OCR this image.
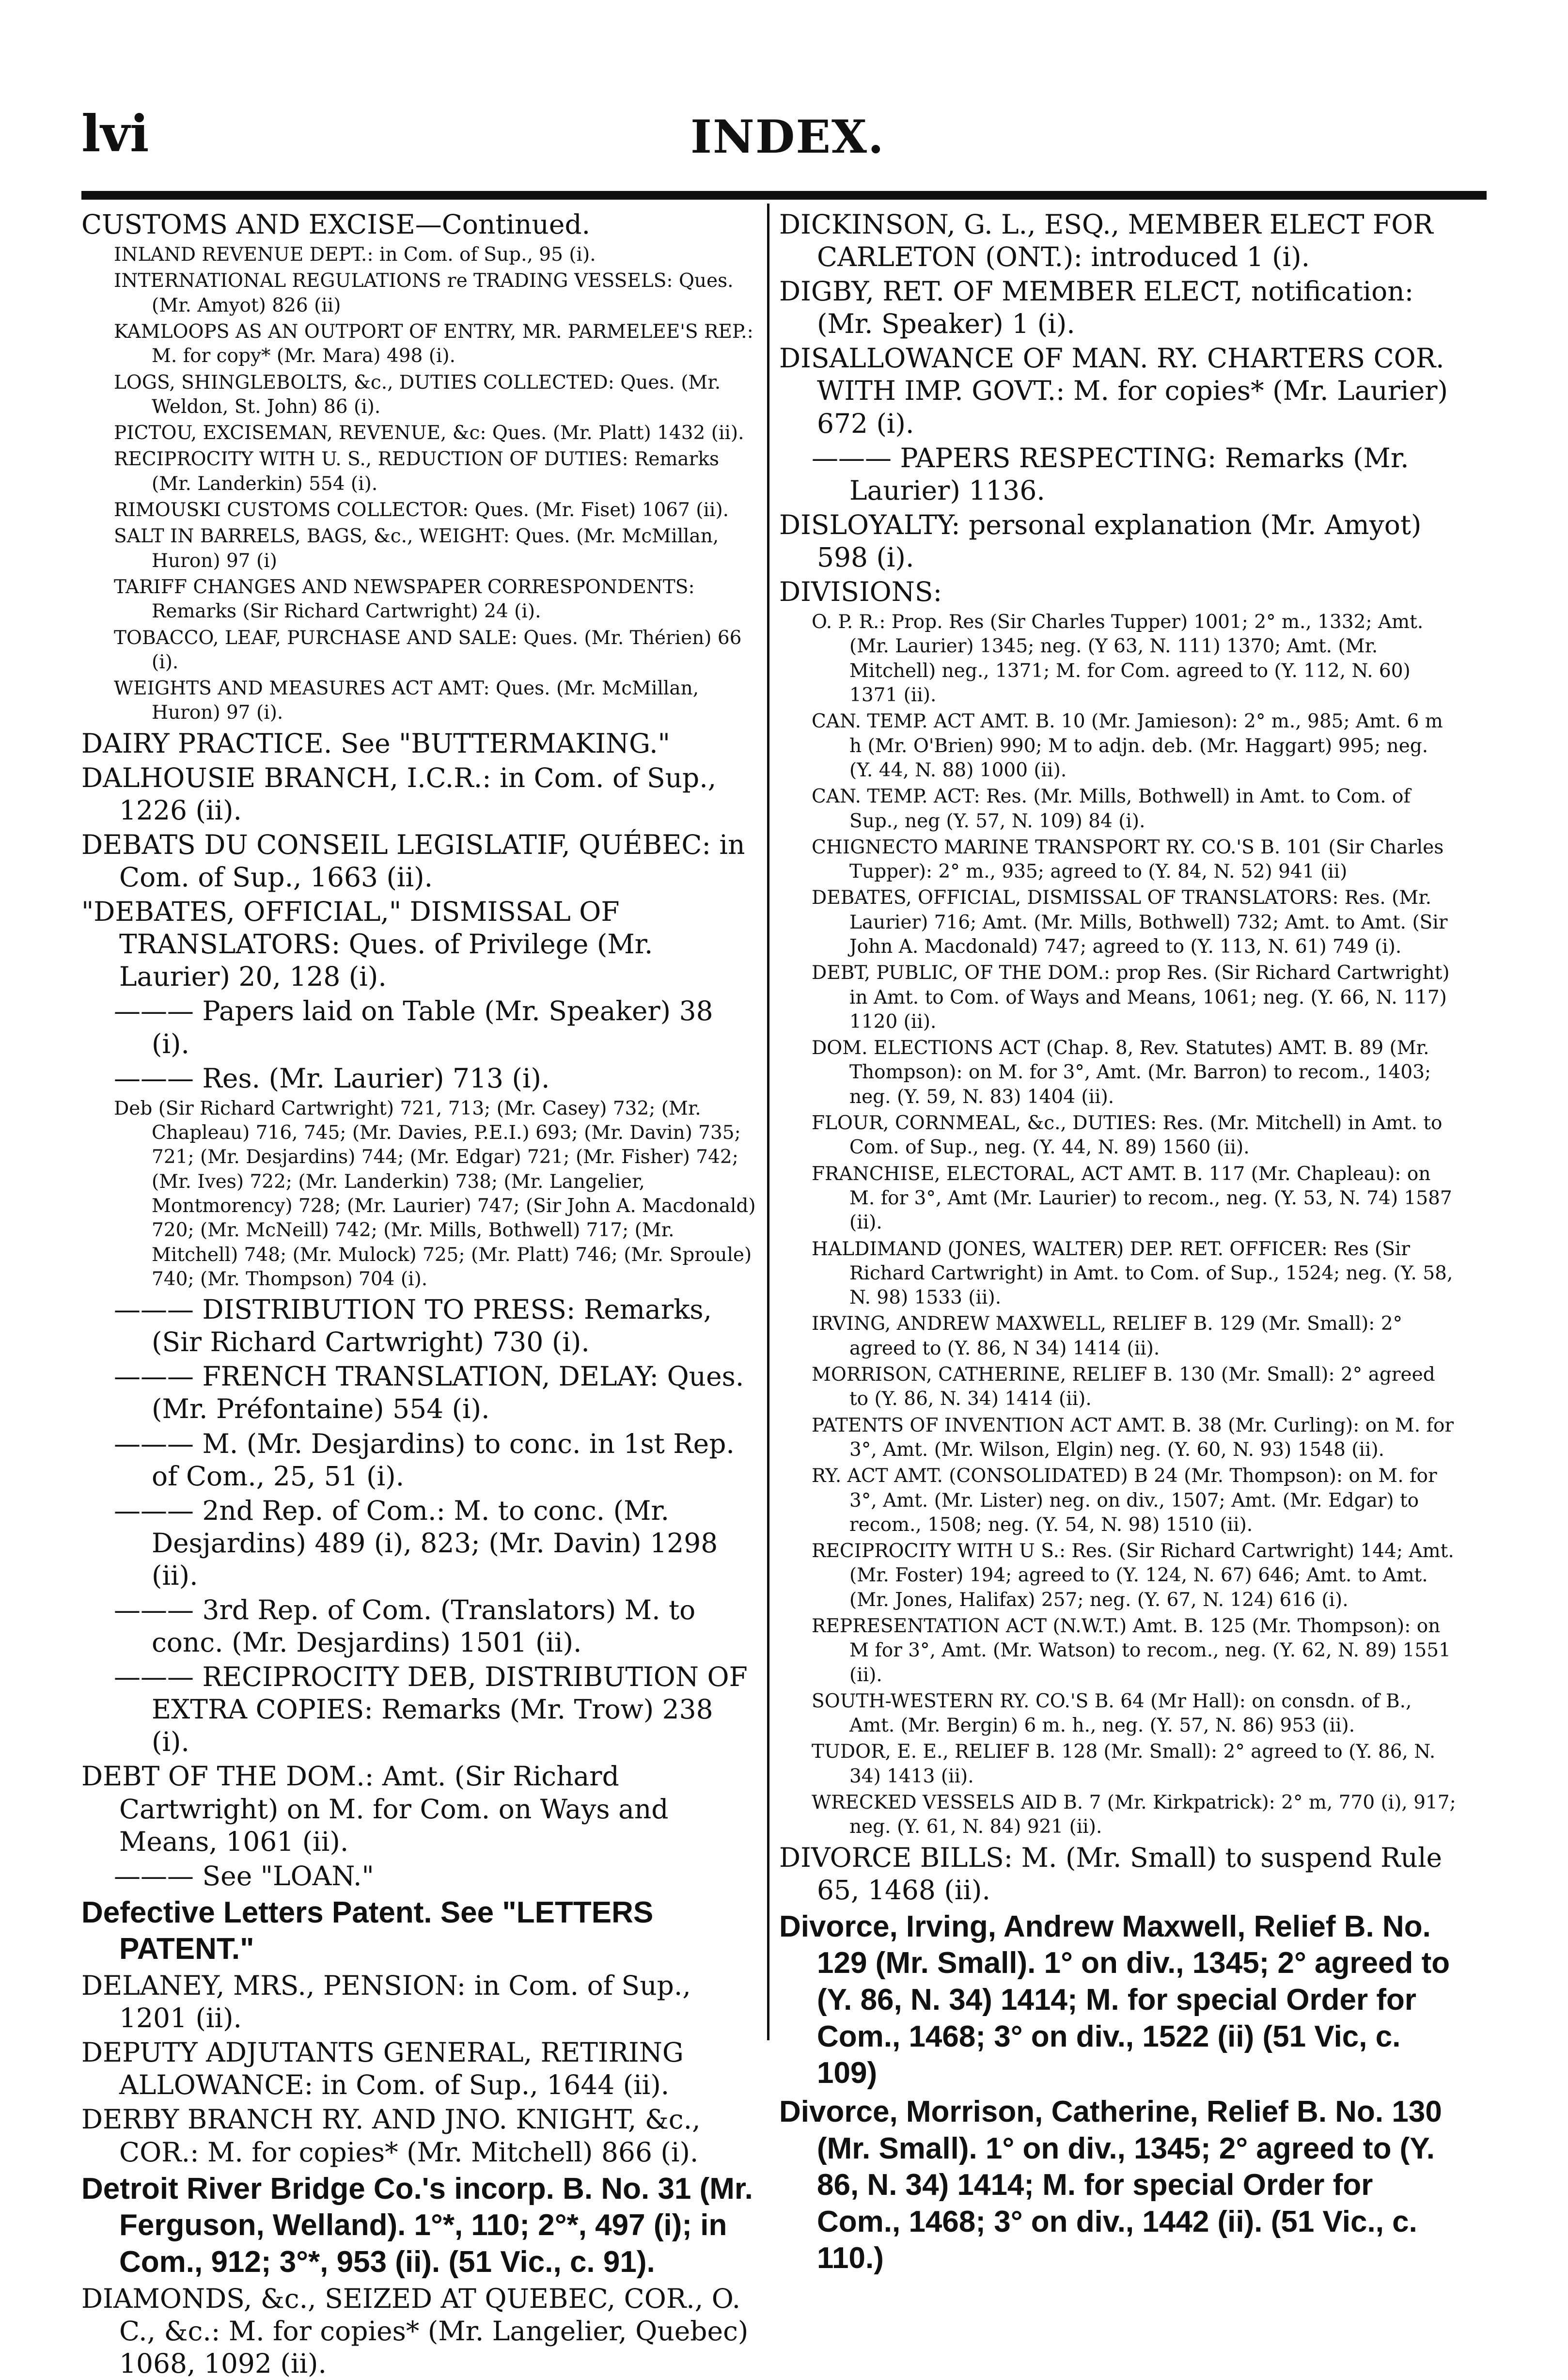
lvi	INDEX.

CUSTOMS AND EXCISE—Continued.

INLAND REVENUE DEPT.: in Com. of Sup., 95 (i).

INTERNATIONAL REGULATIONS re TRADING VESSELS: Ques. (Mr. Amyot) 826 (ii)

KAMLOOPS AS AN OUTPORT OF ENTRY, MR. PARMELEE'S REP.: M. for copy* (Mr. Mara) 498 (i).

LOGS, SHINGLEBOLTS, &c., DUTIES COLLECTED: Ques. (Mr. Weldon, St. John) 86 (i).

PICTOU, EXCISEMAN, REVENUE, &c: Ques. (Mr. Platt) 1432 (ii).

RECIPROCITY WITH U. S., REDUCTION OF DUTIES: Remarks (Mr. Landerkin) 554 (i).

RIMOUSKI CUSTOMS COLLECTOR: Ques. (Mr. Fiset) 1067 (ii).

SALT IN BARRELS, BAGS, &c., WEIGHT: Ques. (Mr. McMillan, Huron) 97 (i)

TARIFF CHANGES AND NEWSPAPER CORRESPONDENTS: Remarks (Sir Richard Cartwright) 24 (i).

TOBACCO, LEAF, PURCHASE AND SALE: Ques. (Mr. Thérien) 66 (i).

WEIGHTS AND MEASURES ACT AMT: Ques. (Mr. McMillan, Huron) 97 (i).

DAIRY PRACTICE. See "BUTTERMAKING."

DALHOUSIE BRANCH, I.C.R.: in Com. of Sup., 1226 (ii).

DEBATS DU CONSEIL LEGISLATIF, QUÉBEC: in Com. of Sup., 1663 (ii).

"DEBATES, OFFICIAL," DISMISSAL OF TRANSLATORS: Ques. of Privilege (Mr. Laurier) 20, 128 (i).

——— Papers laid on Table (Mr. Speaker) 38 (i).

——— Res. (Mr. Laurier) 713 (i).

Deb (Sir Richard Cartwright) 721, 713; (Mr. Casey) 732; (Mr. Chapleau) 716, 745; (Mr. Davies, P.E.I.) 693; (Mr. Davin) 735; 721; (Mr. Desjardins) 744; (Mr. Edgar) 721; (Mr. Fisher) 742; (Mr. Ives) 722; (Mr. Landerkin) 738; (Mr. Langelier, Montmorency) 728; (Mr. Laurier) 747; (Sir John A. Macdonald) 720; (Mr. McNeill) 742; (Mr. Mills, Bothwell) 717; (Mr. Mitchell) 748; (Mr. Mulock) 725; (Mr. Platt) 746; (Mr. Sproule) 740; (Mr. Thompson) 704 (i).

——— DISTRIBUTION TO PRESS: Remarks, (Sir Richard Cartwright) 730 (i).

——— FRENCH TRANSLATION, DELAY: Ques. (Mr. Préfontaine) 554 (i).

——— M. (Mr. Desjardins) to conc. in 1st Rep. of Com., 25, 51 (i).

——— 2nd Rep. of Com.: M. to conc. (Mr. Desjardins) 489 (i), 823; (Mr. Davin) 1298 (ii).

——— 3rd Rep. of Com. (Translators) M. to conc. (Mr. Desjardins) 1501 (ii).

——— RECIPROCITY DEB, DISTRIBUTION OF EXTRA COPIES: Remarks (Mr. Trow) 238 (i).

DEBT OF THE DOM.: Amt. (Sir Richard Cartwright) on M. for Com. on Ways and Means, 1061 (ii).

——— See "LOAN."

Defective Letters Patent. See "LETTERS PATENT."

DELANEY, MRS., PENSION: in Com. of Sup., 1201 (ii).

DEPUTY ADJUTANTS GENERAL, RETIRING ALLOWANCE: in Com. of Sup., 1644 (ii).

DERBY BRANCH RY. AND JNO. KNIGHT, &c., COR.: M. for copies* (Mr. Mitchell) 866 (i).

Detroit River Bridge Co.'s incorp. B. No. 31 (Mr. Ferguson, Welland). 1°*, 110; 2°*, 497 (i); in Com., 912; 3°*, 953 (ii). (51 Vic., c. 91).

DIAMONDS, &c., SEIZED AT QUEBEC, COR., O. C., &c.: M. for copies* (Mr. Langelier, Quebec) 1068, 1092 (ii).

DICKINSON, G. L., ESQ., MEMBER ELECT FOR CARLETON (ONT.): introduced 1 (i).

DIGBY, RET. OF MEMBER ELECT, notification: (Mr. Speaker) 1 (i).

DISALLOWANCE OF MAN. RY. CHARTERS COR. WITH IMP. GOVT.: M. for copies* (Mr. Laurier) 672 (i).

——— PAPERS RESPECTING: Remarks (Mr. Laurier) 1136.

DISLOYALTY: personal explanation (Mr. Amyot) 598 (i).

DIVISIONS:

O. P. R.: Prop. Res (Sir Charles Tupper) 1001; 2° m., 1332; Amt. (Mr. Laurier) 1345; neg. (Y 63, N. 111) 1370; Amt. (Mr. Mitchell) neg., 1371; M. for Com. agreed to (Y. 112, N. 60) 1371 (ii).

CAN. TEMP. ACT AMT. B. 10 (Mr. Jamieson): 2° m., 985; Amt. 6 m h (Mr. O'Brien) 990; M to adjn. deb. (Mr. Haggart) 995; neg. (Y. 44, N. 88) 1000 (ii).

CAN. TEMP. ACT: Res. (Mr. Mills, Bothwell) in Amt. to Com. of Sup., neg (Y. 57, N. 109) 84 (i).

CHIGNECTO MARINE TRANSPORT RY. CO.'S B. 101 (Sir Charles Tupper): 2° m., 935; agreed to (Y. 84, N. 52) 941 (ii)

DEBATES, OFFICIAL, DISMISSAL OF TRANSLATORS: Res. (Mr. Laurier) 716; Amt. (Mr. Mills, Bothwell) 732; Amt. to Amt. (Sir John A. Macdonald) 747; agreed to (Y. 113, N. 61) 749 (i).

DEBT, PUBLIC, OF THE DOM.: prop Res. (Sir Richard Cartwright) in Amt. to Com. of Ways and Means, 1061; neg. (Y. 66, N. 117) 1120 (ii).

DOM. ELECTIONS ACT (Chap. 8, Rev. Statutes) AMT. B. 89 (Mr. Thompson): on M. for 3°, Amt. (Mr. Barron) to recom., 1403; neg. (Y. 59, N. 83) 1404 (ii).

FLOUR, CORNMEAL, &c., DUTIES: Res. (Mr. Mitchell) in Amt. to Com. of Sup., neg. (Y. 44, N. 89) 1560 (ii).

FRANCHISE, ELECTORAL, ACT AMT. B. 117 (Mr. Chapleau): on M. for 3°, Amt (Mr. Laurier) to recom., neg. (Y. 53, N. 74) 1587 (ii).

HALDIMAND (JONES, WALTER) DEP. RET. OFFICER: Res (Sir Richard Cartwright) in Amt. to Com. of Sup., 1524; neg. (Y. 58, N. 98) 1533 (ii).

IRVING, ANDREW MAXWELL, RELIEF B. 129 (Mr. Small): 2° agreed to (Y. 86, N 34) 1414 (ii).

MORRISON, CATHERINE, RELIEF B. 130 (Mr. Small): 2° agreed to (Y. 86, N. 34) 1414 (ii).

PATENTS OF INVENTION ACT AMT. B. 38 (Mr. Curling): on M. for 3°, Amt. (Mr. Wilson, Elgin) neg. (Y. 60, N. 93) 1548 (ii).

RY. ACT AMT. (CONSOLIDATED) B 24 (Mr. Thompson): on M. for 3°, Amt. (Mr. Lister) neg. on div., 1507; Amt. (Mr. Edgar) to recom., 1508; neg. (Y. 54, N. 98) 1510 (ii).

RECIPROCITY WITH U S.: Res. (Sir Richard Cartwright) 144; Amt. (Mr. Foster) 194; agreed to (Y. 124, N. 67) 646; Amt. to Amt. (Mr. Jones, Halifax) 257; neg. (Y. 67, N. 124) 616 (i).

REPRESENTATION ACT (N.W.T.) Amt. B. 125 (Mr. Thompson): on M for 3°, Amt. (Mr. Watson) to recom., neg. (Y. 62, N. 89) 1551 (ii).

SOUTH-WESTERN RY. CO.'S B. 64 (Mr Hall): on consdn. of B., Amt. (Mr. Bergin) 6 m. h., neg. (Y. 57, N. 86) 953 (ii).

TUDOR, E. E., RELIEF B. 128 (Mr. Small): 2° agreed to (Y. 86, N. 34) 1413 (ii).

WRECKED VESSELS AID B. 7 (Mr. Kirkpatrick): 2° m, 770 (i), 917; neg. (Y. 61, N. 84) 921 (ii).

DIVORCE BILLS: M. (Mr. Small) to suspend Rule 65, 1468 (ii).

Divorce, Irving, Andrew Maxwell, Relief B. No. 129 (Mr. Small). 1° on div., 1345; 2° agreed to (Y. 86, N. 34) 1414; M. for special Order for Com., 1468; 3° on div., 1522 (ii) (51 Vic, c. 109)

Divorce, Morrison, Catherine, Relief B. No. 130 (Mr. Small). 1° on div., 1345; 2° agreed to (Y. 86, N. 34) 1414; M. for special Order for Com., 1468; 3° on div., 1442 (ii). (51 Vic., c. 110.)
